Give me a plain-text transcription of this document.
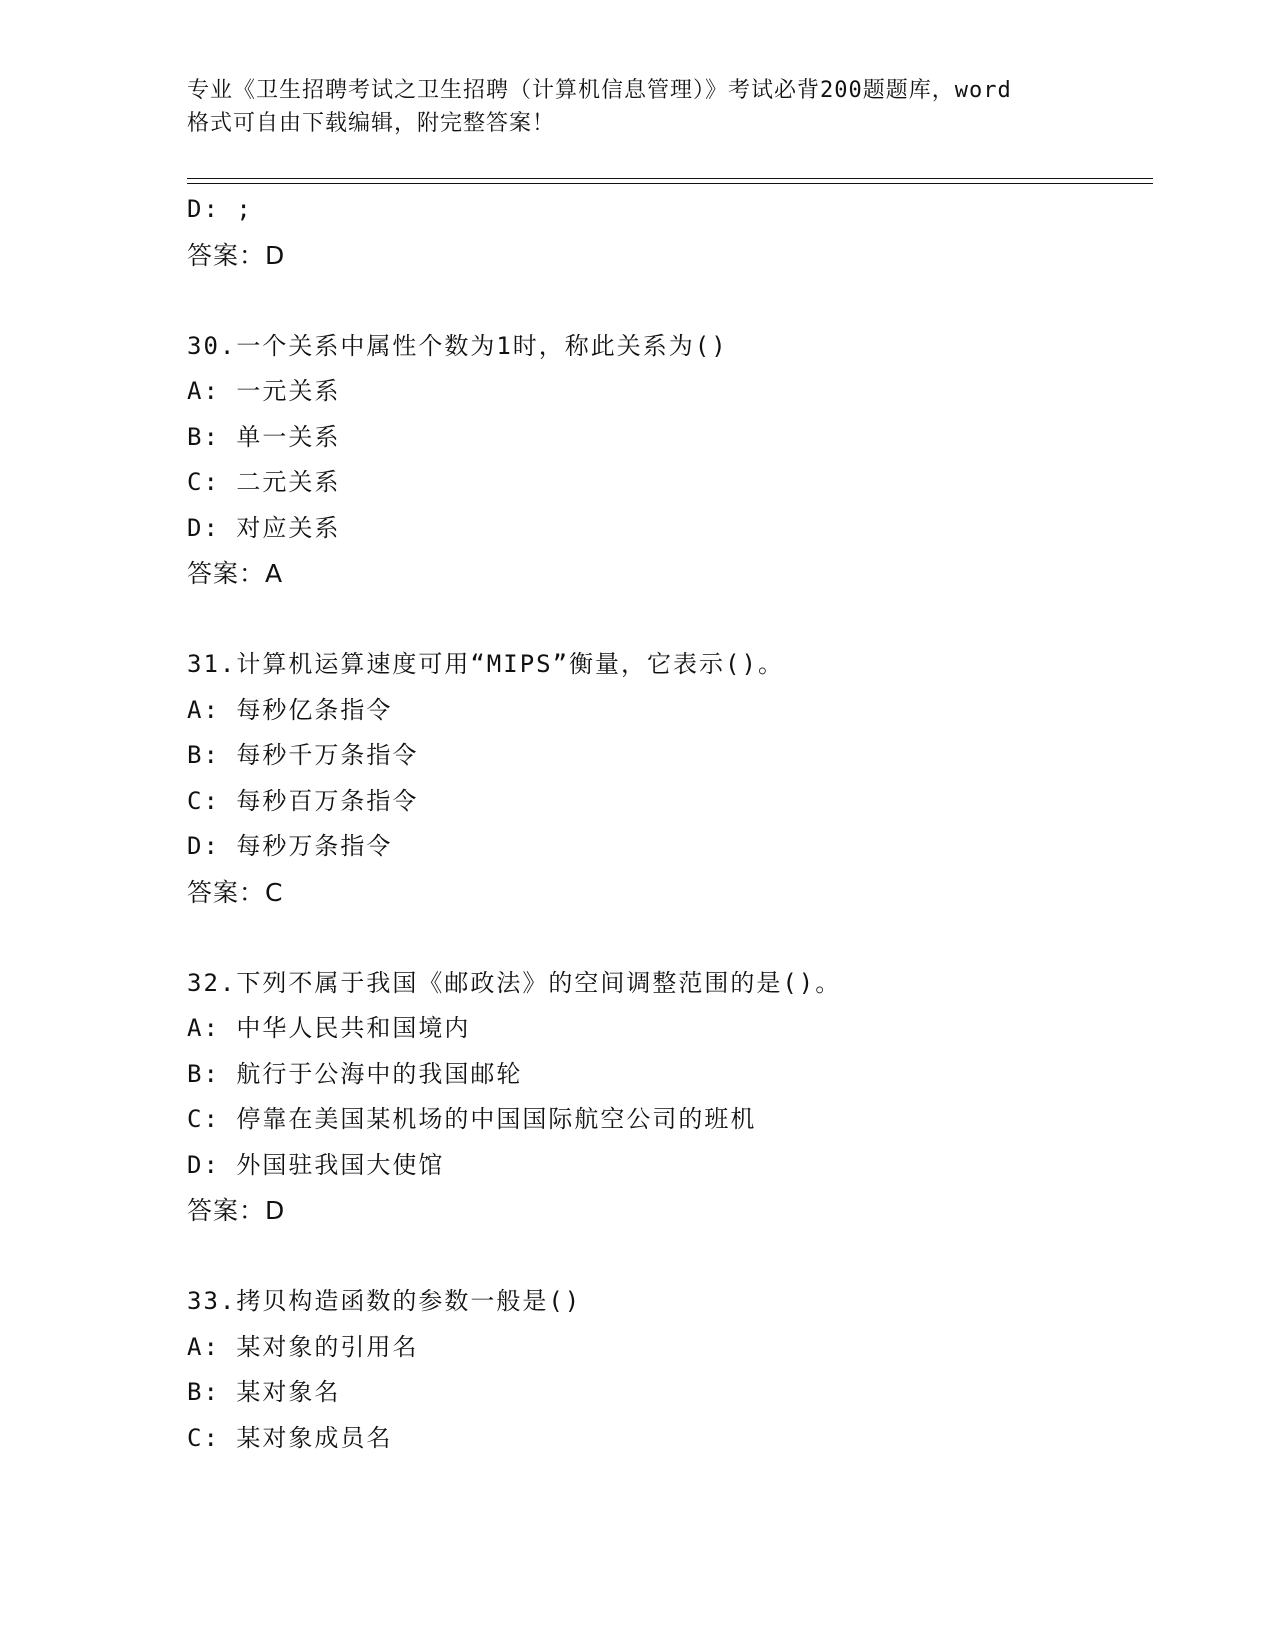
专业《卫生招聘考试之卫生招聘（计算机信息管理）》考试必背200题题库，word
格式可自由下载编辑，附完整答案！
D: ;
答案：D
30.一个关系中属性个数为1时，称此关系为()
A: 一元关系
B: 单一关系
C: 二元关系
D: 对应关系
答案：A
31.计算机运算速度可用“MIPS”衡量，它表示()。
A: 每秒亿条指令
B: 每秒千万条指令
C: 每秒百万条指令
D: 每秒万条指令
答案：C
32.下列不属于我国《邮政法》的空间调整范围的是()。
A: 中华人民共和国境内
B: 航行于公海中的我国邮轮
C: 停靠在美国某机场的中国国际航空公司的班机
D: 外国驻我国大使馆
答案：D
33.拷贝构造函数的参数一般是()
A: 某对象的引用名
B: 某对象名
C: 某对象成员名
